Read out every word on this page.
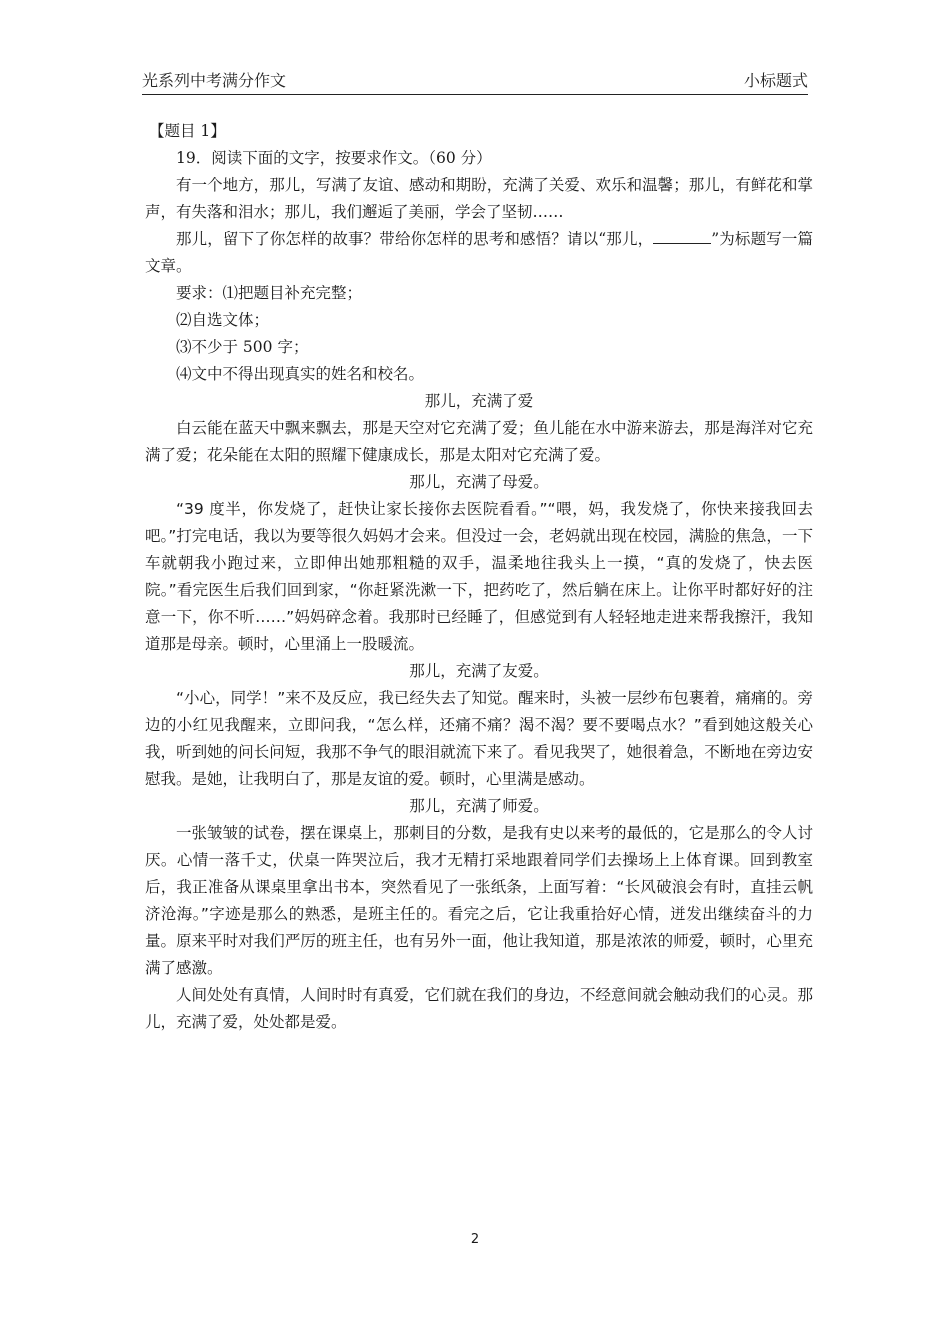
光系列中考满分作文	小标题式

【题目 1】

19．阅读下面的文字，按要求作文。（60 分）

有一个地方，那儿，写满了友谊、感动和期盼，充满了关爱、欢乐和温馨；那儿，有鲜花和掌声，有失落和泪水；那儿，我们邂逅了美丽，学会了坚韧……

那儿，留下了你怎样的故事？带给你怎样的思考和感悟？请以“那儿，	”为标题写一篇文章。

要求：⑴把题目补充完整；

⑵自选文体；

⑶不少于 500 字；

⑷文中不得出现真实的姓名和校名。

那儿，充满了爱

白云能在蓝天中飘来飘去，那是天空对它充满了爱；鱼儿能在水中游来游去，那是海洋对它充满了爱；花朵能在太阳的照耀下健康成长，那是太阳对它充满了爱。

那儿，充满了母爱。

“39 度半，你发烧了，赶快让家长接你去医院看看。”“喂，妈，我发烧了，你快来接我回去吧。”打完电话，我以为要等很久妈妈才会来。但没过一会，老妈就出现在校园，满脸的焦急，一下车就朝我小跑过来，立即伸出她那粗糙的双手，温柔地往我头上一摸，“真的发烧了，快去医院。”看完医生后我们回到家，“你赶紧洗漱一下，把药吃了，然后躺在床上。让你平时都好好的注意一下，你不听……”妈妈碎念着。我那时已经睡了，但感觉到有人轻轻地走进来帮我擦汗，我知道那是母亲。顿时，心里涌上一股暖流。

那儿，充满了友爱。

“小心，同学！”来不及反应，我已经失去了知觉。醒来时，头被一层纱布包裹着，痛痛的。旁边的小红见我醒来，立即问我，“怎么样，还痛不痛？渴不渴？要不要喝点水？”看到她这般关心我，听到她的问长问短，我那不争气的眼泪就流下来了。看见我哭了，她很着急，不断地在旁边安慰我。是她，让我明白了，那是友谊的爱。顿时，心里满是感动。

那儿，充满了师爱。

一张皱皱的试卷，摆在课桌上，那刺目的分数，是我有史以来考的最低的，它是那么的令人讨厌。心情一落千丈，伏桌一阵哭泣后，我才无精打采地跟着同学们去操场上上体育课。回到教室后，我正准备从课桌里拿出书本，突然看见了一张纸条，上面写着：“长风破浪会有时，直挂云帆济沧海。”字迹是那么的熟悉，是班主任的。看完之后，它让我重拾好心情，迸发出继续奋斗的力量。原来平时对我们严厉的班主任，也有另外一面，他让我知道，那是浓浓的师爱，顿时，心里充满了感激。

人间处处有真情，人间时时有真爱，它们就在我们的身边，不经意间就会触动我们的心灵。那儿，充满了爱，处处都是爱。

2
